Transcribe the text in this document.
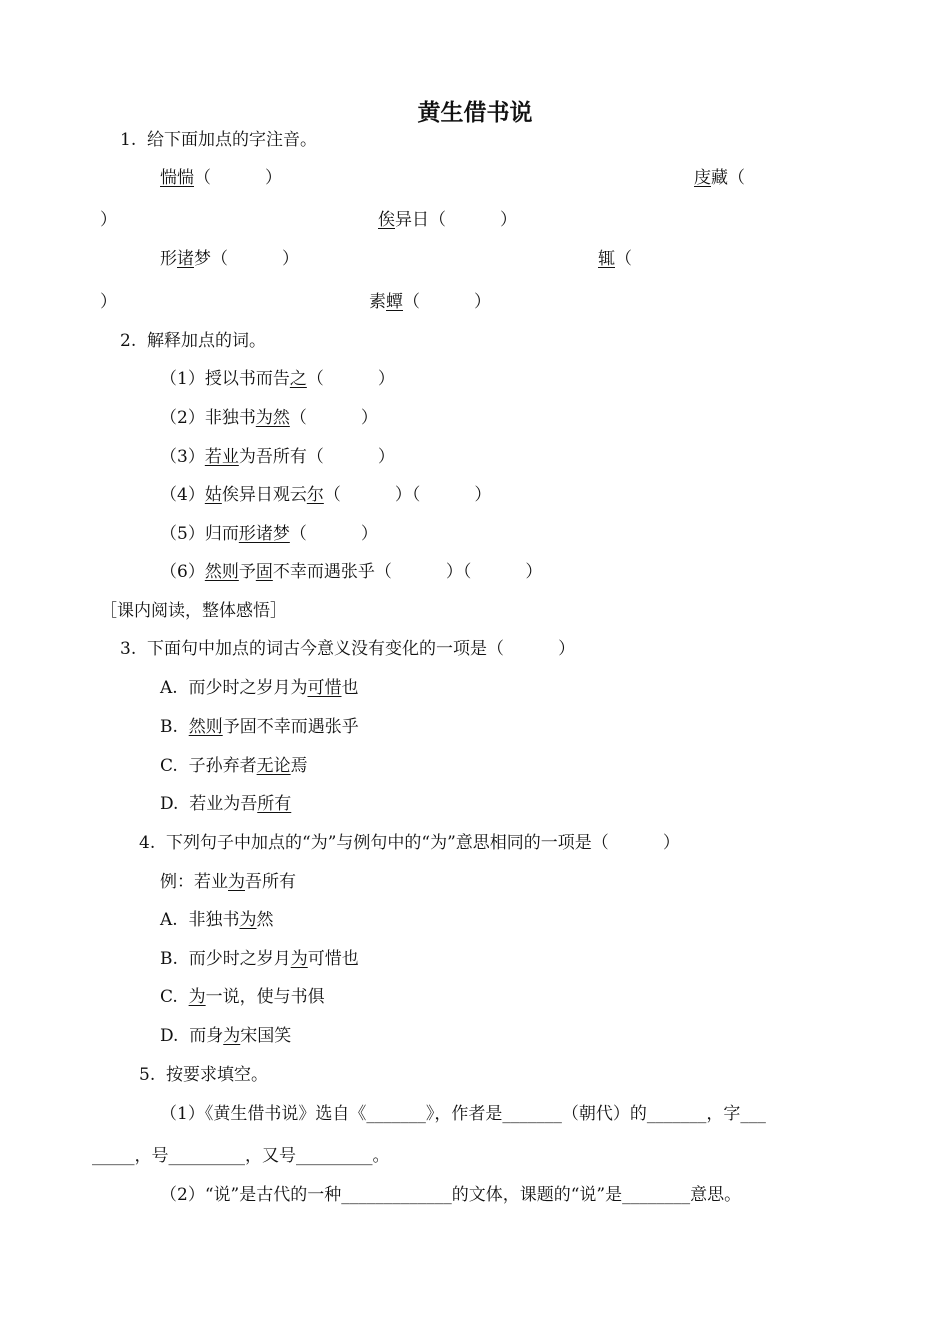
黄生借书说
1.  给下面加点的字注音。
惴惴（          ）	庋藏（
）	俟异日（          ）
形诸梦（          ）	辄（
）	素蟫（          ）
2.  解释加点的词。
（1）授以书而告之（          ）
（2）非独书为然（          ）
（3）若业为吾所有（          ）
（4）姑俟异日观云尔（          ）（          ）
（5）归而形诸梦（          ）
（6）然则予固不幸而遇张乎（          ）（          ）
［课内阅读，整体感悟］
3.  下面句中加点的词古今意义没有变化的一项是（          ）
A.  而少时之岁月为可惜也
B.  然则予固不幸而遇张乎
C.  子孙弃者无论焉
D.  若业为吾所有
4.  下列句子中加点的“为”与例句中的“为”意思相同的一项是（          ）
例：若业为吾所有
A.  非独书为然
B.  而少时之岁月为可惜也
C.  为一说，使与书俱
D.  而身为宋国笑
5.  按要求填空。
（1）《黄生借书说》选自《_______》，作者是_______（朝代）的_______，字___
_____，号_________，又号_________。
（2）“说”是古代的一种_____________的文体，课题的“说”是________意思。
